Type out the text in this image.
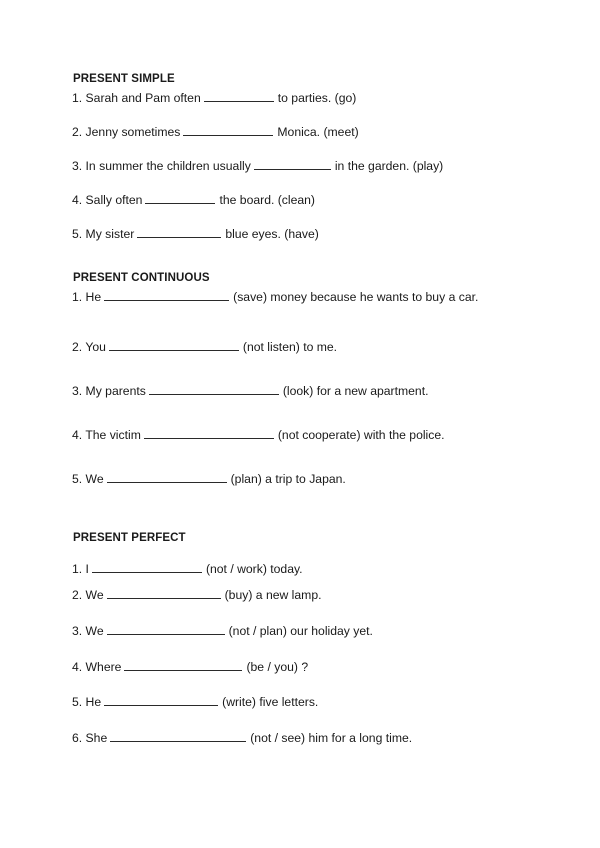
PRESENT SIMPLE
1. Sarah and Pam often	to parties. (go)
2. Jenny sometimes	Monica. (meet)
3. In summer the children usually	in the garden. (play)
4. Sally often	the board. (clean)
5. My sister	blue eyes. (have)
PRESENT CONTINUOUS
1. He	(save) money because he wants to buy a car.
2. You	(not listen) to me.
3. My parents	(look) for a new apartment.
4. The victim	(not cooperate) with the police.
5. We	(plan) a trip to Japan.
PRESENT PERFECT
1. I	(not / work) today.
2. We	(buy) a new lamp.
3. We	(not / plan) our holiday yet.
4. Where	(be / you) ?
5. He	(write) five letters.
6. She	(not / see) him for a long time.
